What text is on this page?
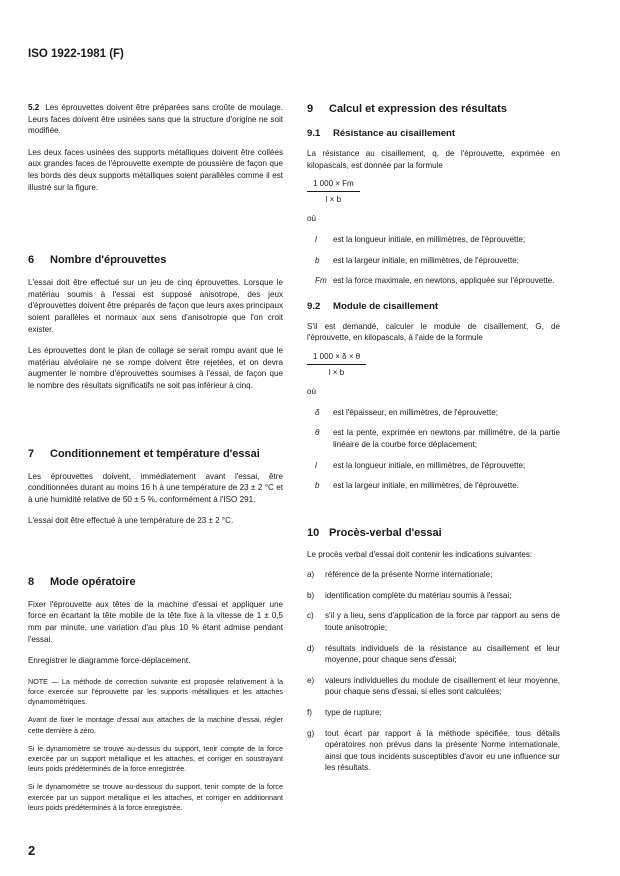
ISO 1922-1981 (F)

5.2 Les éprouvettes doivent être préparées sans croûte de moulage. Leurs faces doivent être usinées sans que la structure d'origine ne soit modifiée.

Les deux faces usinées des supports métalliques doivent être collées aux grandes faces de l'éprouvette exempte de poussière de façon que les bords des deux supports métalliques soient parallèles comme il est illustré sur la figure.

6 Nombre d'éprouvettes

L'essai doit être effectué sur un jeu de cinq éprouvettes. Lorsque le matériau soumis à l'essai est supposé anisotrope, des jeux d'éprouvettes doivent être préparés de façon que leurs axes principaux soient parallèles et normaux aux sens d'anisotropie que l'on croit exister.

Les éprouvettes dont le plan de collage se serait rompu avant que le matériau alvéolaire ne se rompe doivent être rejetées, et on devra augmenter le nombre d'éprouvettes soumises à l'essai, de façon que le nombre des résultats significatifs ne soit pas inférieur à cinq.

7 Conditionnement et température d'essai

Les éprouvettes doivent, immédiatement avant l'essai, être conditionnées durant au moins 16 h à une température de 23 ± 2 °C et à une humidité relative de 50 ± 5 %, conformément à l'ISO 291.

L'essai doit être effectué à une température de 23 ± 2 °C.

8 Mode opératoire

Fixer l'éprouvette aux têtes de la machine d'essai et appliquer une force en écartant la tête mobile de la tête fixe à la vitesse de 1 ± 0,5 mm par minute, une variation d'au plus 10 % étant admise pendant l'essai.

Enregistrer le diagramme force-déplacement.

NOTE — La méthode de correction suivante est proposée relativement à la force exercée sur l'éprouvette par les supports métalliques et les attaches dynamométriques.

Avant de fixer le montage d'essai aux attaches de la machine d'essai, régler cette dernière à zéro.

Si le dynamomètre se trouve au-dessus du support, tenir compte de la force exercée par un support métallique et les attaches, et corriger en soustrayant leurs poids prédéterminés de la force enregistrée.

Si le dynamomètre se trouve au-dessous du support, tenir compte de la force exercée par un support métallique et les attaches, et corriger en additionnant leurs poids prédéterminés à la force enregistrée.

9 Calcul et expression des résultats
9.1 Résistance au cisaillement

La résistance au cisaillement, q, de l'éprouvette, exprimée en kilopascals, est donnée par la formule

$\frac{1 000 \times Fm}{l \times b}$

où

l	est la longueur initiale, en millimètres, de l'éprouvette;
b	est la largeur initiale, en millimètres, de l'éprouvette;
Fm est la force maximale, en newtons, appliquée sur l'éprouvette.
9.2 Module de cisaillement

S'il est demandé, calculer le module de cisaillement, G, de l'éprouvette, en kilopascals, à l'aide de la formule

$\frac{1 000 \times \delta \times \theta}{l \times b}$

où

δ	est l'épaisseur, en millimètres, de l'éprouvette;
θ	est la pente, exprimée en newtons par millimètre, de la partie linéaire de la courbe force déplacement;
l	est la longueur initiale, en millimètres, de l'éprouvette;
b	est la largeur initiale, en millimètres, de l'éprouvette.
10 Procès-verbal d'essai

Le procès verbal d'essai doit contenir les indications suivantes:

a)	référence de la présente Norme internationale;
b)	identification complète du matériau soumis à l'essai;
c)	s'il y a lieu, sens d'application de la force par rapport au sens de toute anisotropie;
d)	résultats individuels de la résistance au cisaillement et leur moyenne, pour chaque sens d'essai;
e)	valeurs individuelles du module de cisaillement et leur moyenne, pour chaque sens d'essai, si elles sont calculées;
f)	type de rupture;
g)	tout écart par rapport à la méthode spécifiée, tous détails opératoires non prévus dans la présente Norme internationale, ainsi que tous incidents susceptibles d'avoir eu une influence sur les résultats.
2
